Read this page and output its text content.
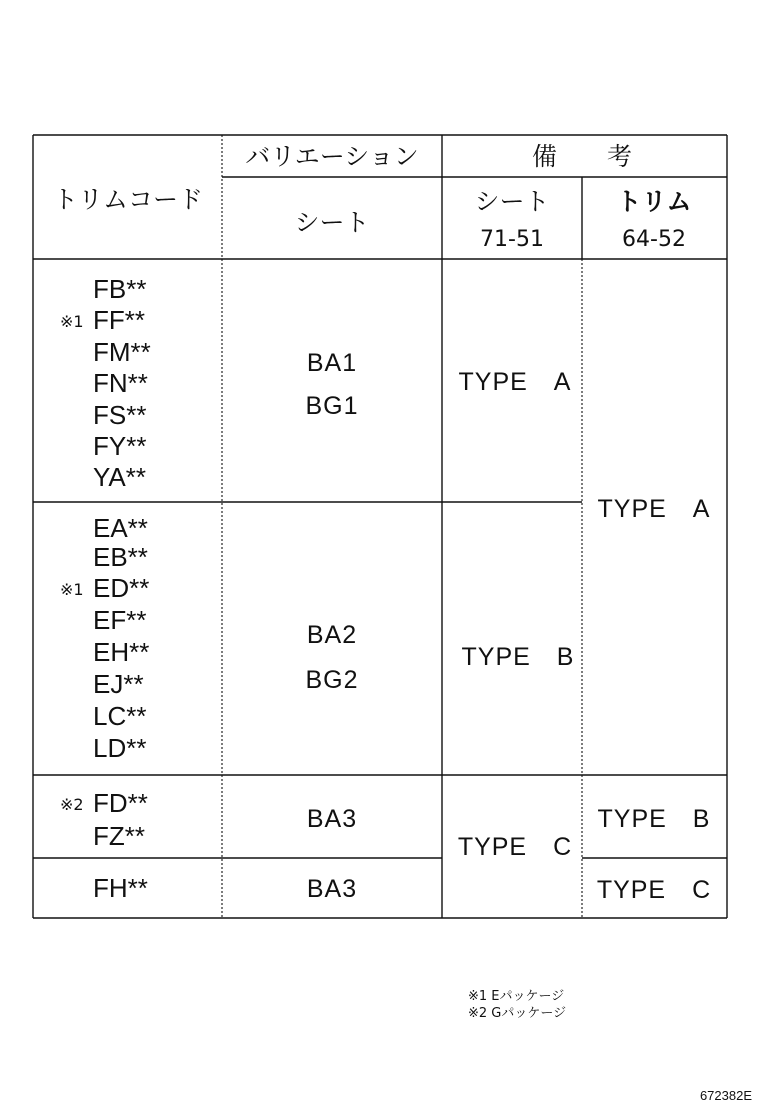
トリムコード
バリエーション
シート
備　　考
シート
71-51
トリム
64-52
FB**
※1 FF**
FM**
FN**
FS**
FY**
YA**
BA1
BG1
TYPE　A
EA**
EB**
※1 ED**
EF**
EH**
EJ**
LC**
LD**
BA2
BG2
TYPE　B
TYPE　A
※2 FD**
FZ**
BA3
TYPE　C
TYPE　B
FH**	BA3	TYPE　C
※1 Eパッケージ
※2 Gパッケージ
672382E
